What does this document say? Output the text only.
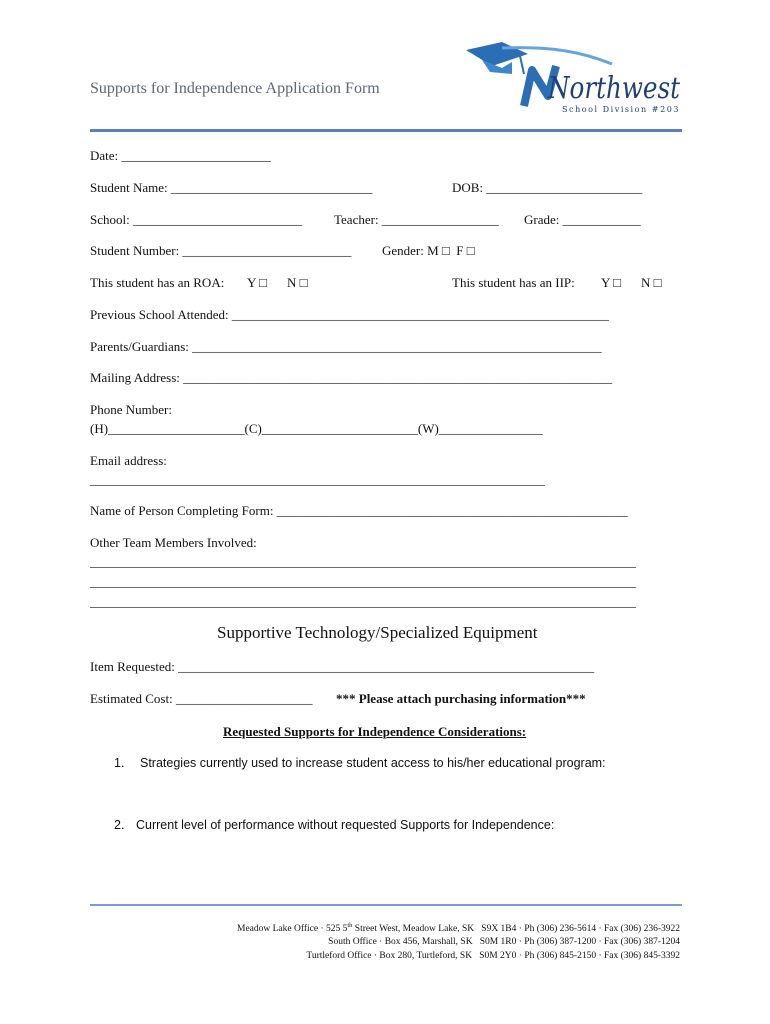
Supports for Independence Application Form	Northwest
School Division #203
Date: _______________________
Student Name: _______________________________	DOB: ________________________
School: __________________________ Teacher: __________________ Grade: ____________
Student Number: __________________________ Gender: M □  F □
This student has an ROA: Y □ N □	This student has an IIP: Y □ N □
Previous School Attended: __________________________________________________________
Parents/Guardians: _______________________________________________________________
Mailing Address: __________________________________________________________________
Phone Number:
(H)_____________________(C)________________________(W)________________
Email address:
______________________________________________________________________
Name of Person Completing Form: ______________________________________________________
Other Team Members Involved:
____________________________________________________________________________________
____________________________________________________________________________________
____________________________________________________________________________________
Supportive Technology/Specialized Equipment
Item Requested: ________________________________________________________________
Estimated Cost: _____________________ *** Please attach purchasing information***
Requested Supports for Independence Considerations:
1. Strategies currently used to increase student access to his/her educational program:
2. Current level of performance without requested Supports for Independence:
Meadow Lake Office · 525 5th Street West, Meadow Lake, SK   S9X 1B4 · Ph (306) 236-5614 · Fax (306) 236-3922
South Office · Box 456, Marshall, SK   S0M 1R0 · Ph (306) 387-1200 · Fax (306) 387-1204
Turtleford Office · Box 280, Turtleford, SK   S0M 2Y0 · Ph (306) 845-2150 · Fax (306) 845-3392
